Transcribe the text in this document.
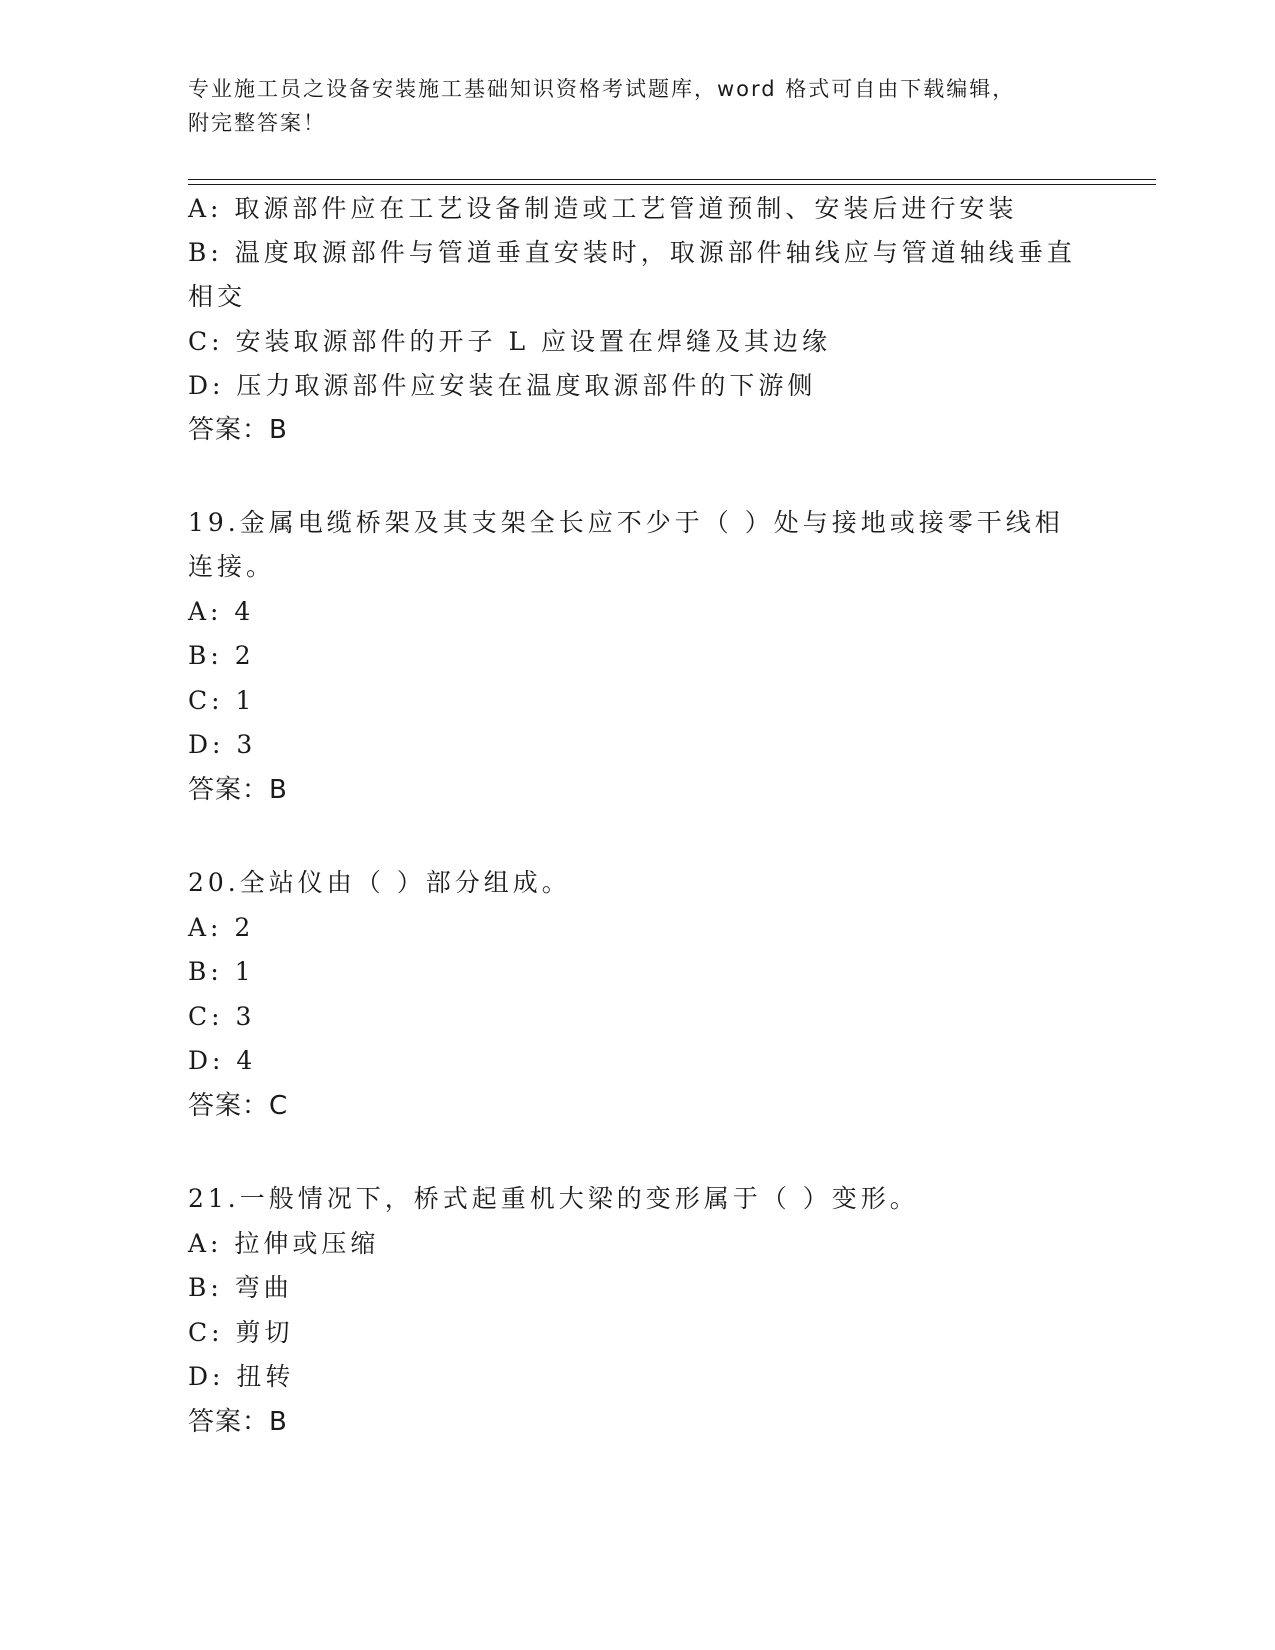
专业施工员之设备安装施工基础知识资格考试题库，word 格式可自由下载编辑，
附完整答案！
A: 取源部件应在工艺设备制造或工艺管道预制、安装后进行安装
B: 温度取源部件与管道垂直安装时，取源部件轴线应与管道轴线垂直
相交
C: 安装取源部件的开子 L 应设置在焊缝及其边缘
D: 压力取源部件应安装在温度取源部件的下游侧
答案：B
19.金属电缆桥架及其支架全长应不少于（ ）处与接地或接零干线相
连接。
A: 4
B: 2
C: 1
D: 3
答案：B
20.全站仪由（ ）部分组成。
A: 2
B: 1
C: 3
D: 4
答案：C
21.一般情况下，桥式起重机大梁的变形属于（ ）变形。
A: 拉伸或压缩
B: 弯曲
C: 剪切
D: 扭转
答案：B
